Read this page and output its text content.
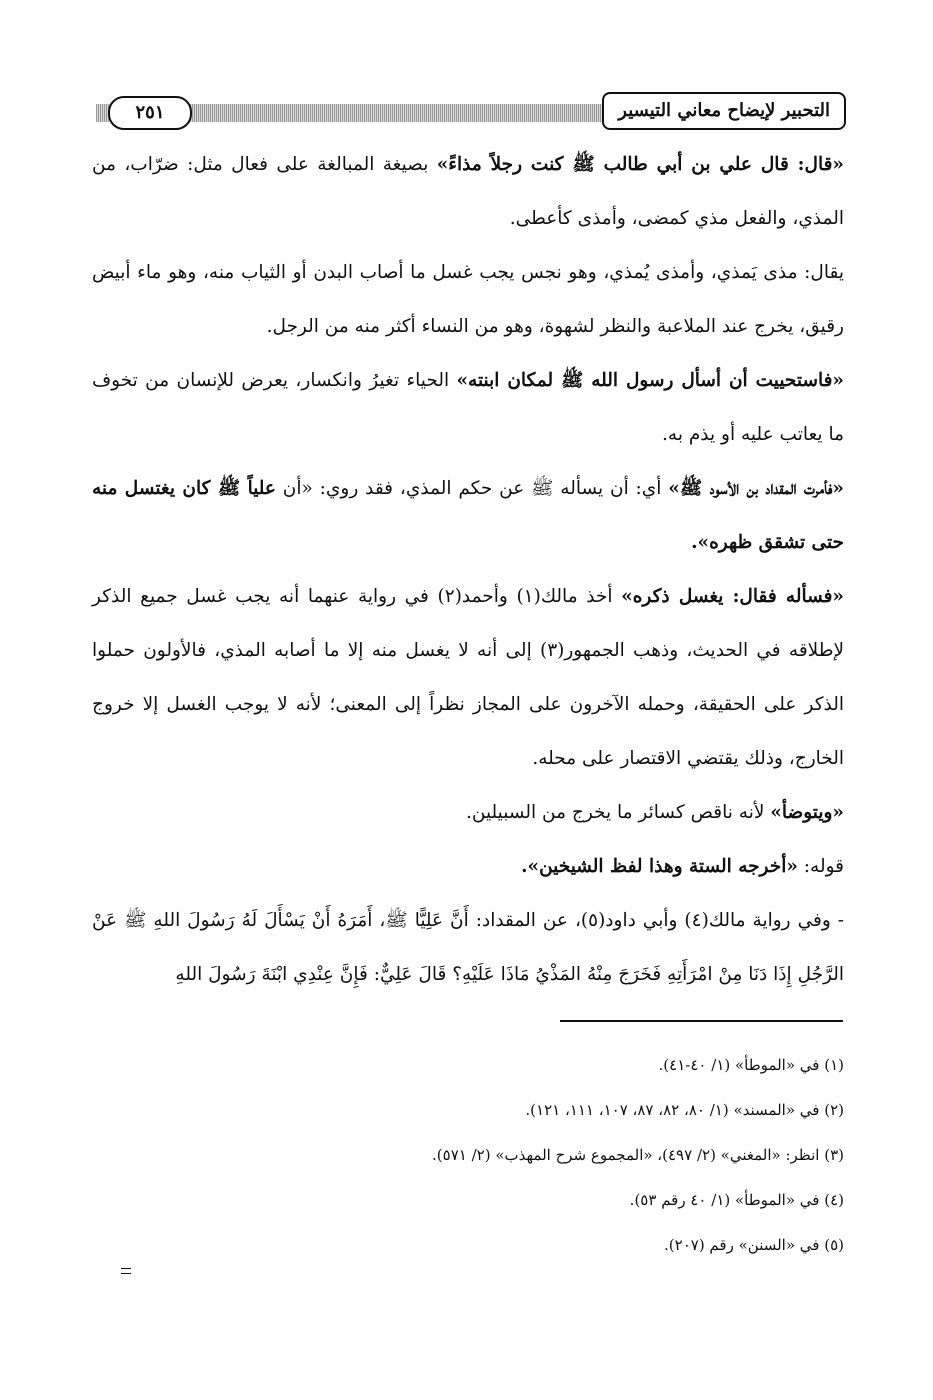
٢٥١	التحبير لإيضاح معاني التيسير

«قال: قال علي بن أبي طالب ﷺ كنت رجلاً مذاءً» بصيغة المبالغة على فعال مثل: ضرّاب، من المذي، والفعل مذي كمضى، وأمذى كأعطى.

يقال: مذى يَمذي، وأمذى يُمذي، وهو نجس يجب غسل ما أصاب البدن أو الثياب منه، وهو ماء أبيض رقيق، يخرج عند الملاعبة والنظر لشهوة، وهو من النساء أكثر منه من الرجل.

«فاستحييت أن أسأل رسول الله ﷺ لمكان ابنته» الحياء تغيرُ وانكسار، يعرض للإنسان من تخوف ما يعاتب عليه أو يذم به.

«فأمرت المقداد بن الأسود ﷺ» أي: أن يسأله ﷺ عن حكم المذي، فقد روي: «أن علياً ﷺ كان يغتسل منه حتى تشقق ظهره».

«فسأله فقال: يغسل ذكره» أخذ مالك(١) وأحمد(٢) في رواية عنهما أنه يجب غسل جميع الذكر لإطلاقه في الحديث، وذهب الجمهور(٣) إلى أنه لا يغسل منه إلا ما أصابه المذي، فالأولون حملوا الذكر على الحقيقة، وحمله الآخرون على المجاز نظراً إلى المعنى؛ لأنه لا يوجب الغسل إلا خروج الخارج، وذلك يقتضي الاقتصار على محله.

«ويتوضأ» لأنه ناقص كسائر ما يخرج من السبيلين.

قوله: «أخرجه الستة وهذا لفظ الشيخين».

- وفي رواية مالك(٤) وأبي داود(٥)، عن المقداد: أَنَّ عَلِيًّا ﷺ، أَمَرَهُ أَنْ يَسْأَلَ لَهُ رَسُولَ اللهِ ﷺ عَنْ الرَّجُلِ إِذَا دَنَا مِنْ امْرَأَتِهِ فَخَرَجَ مِنْهُ المَذْيُ مَاذَا عَلَيْهِ؟ قَالَ عَلِيٌّ: فَإِنَّ عِنْدِي ابْنَةَ رَسُولَ اللهِ

(١) في «الموطأ» (١/ ٤٠-٤١).
(٢) في «المسند» (١/ ٨٠، ٨٢، ٨٧، ١٠٧، ١١١، ١٢١).
(٣) انظر: «المغني» (٢/ ٤٩٧)، «المجموع شرح المهذب» (٢/ ٥٧١).
(٤) في «الموطأ» (١/ ٤٠ رقم ٥٣).
(٥) في «السنن» رقم (٢٠٧).
